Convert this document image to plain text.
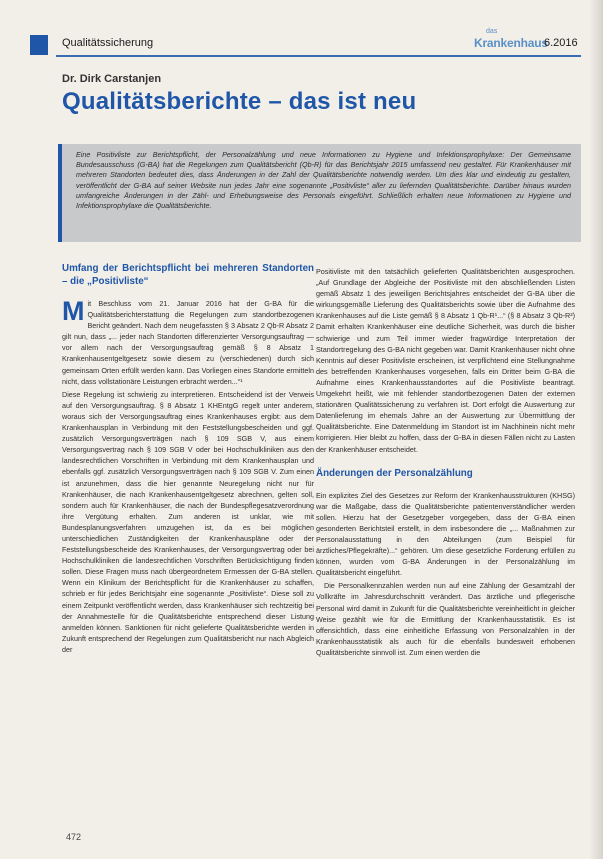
Qualitätssicherung
das
Krankenhaus
6.2016
Dr. Dirk Carstanjen
Qualitätsberichte – das ist neu
Eine Positivliste zur Berichtspflicht, der Personalzählung und neue Informationen zu Hygiene und Infektionsprophylaxe: Der Gemeinsame Bundesausschuss (G-BA) hat die Regelungen zum Qualitätsbericht (Qb-R) für das Berichtsjahr 2015 umfassend neu gestaltet. Für Krankenhäuser mit mehreren Standorten bedeutet dies, dass Änderungen in der Zahl der Qualitätsberichte notwendig werden. Um dies klar und eindeutig zu gestalten, veröffentlicht der G-BA auf seiner Website nun jedes Jahr eine sogenannte „Positivliste“ aller zu liefernden Qualitätsberichte. Darüber hinaus wurden umfangreiche Änderungen in der Zähl- und Erhebungsweise des Personals eingeführt. Schließlich erhalten neue Informationen zu Hygiene und Infektionsprophylaxe die Qualitätsberichte.
Umfang der Berichtspflicht bei mehreren Standorten – die „Positivliste“

Mit Beschluss vom 21. Januar 2016 hat der G-BA für die Qualitätsberichterstattung die Regelungen zum standortbezogenen Bericht geändert. Nach dem neugefassten § 3 Absatz 2 Qb-R Absatz 2 gilt nun, dass „... jeder nach Standorten differenzierter Versorgungsauftrag — vor allem nach der Versorgungsauftrag gemäß § 8 Absatz 1 Krankenhausentgeltgesetz sowie diesem zu (verschiedenen) durch sich gemeinsam Orten erfüllt werden kann. Das Vorliegen eines Standorte ermitteln nicht, dass vollstationäre Leistungen erbracht werden...“¹

Diese Regelung ist schwierig zu interpretieren. Entscheidend ist der Verweis auf den Versorgungsauftrag. § 8 Absatz 1 KHEntgG regelt unter anderem, woraus sich der Versorgungsauftrag eines Krankenhauses ergibt: aus dem Krankenhausplan in Verbindung mit den Feststellungsbescheiden und ggf. zusätzlich Versorgungsverträgen nach § 109 SGB V, aus einem Versorgungsvertrag nach § 109 SGB V oder bei Hochschulkliniken aus den landesrechtlichen Vorschriften in Verbindung mit dem Krankenhausplan und ebenfalls ggf. zusätzlich Versorgungsverträgen nach § 109 SGB V. Zum einen ist anzunehmen, dass die hier genannte Neuregelung nicht nur für Krankenhäuser, die nach Krankenhausentgeltgesetz abrechnen, gelten soll, sondern auch für Krankenhäuser, die nach der Bundespflegesatzverordnung ihre Vergütung erhalten. Zum anderen ist unklar, wie mit Bundesplanungsverfahren umzugehen ist, da es bei möglichen unterschiedlichen Zuständigkeiten der Krankenhauspläne oder der Feststellungsbescheide des Krankenhauses, der Versorgungsvertrag oder bei Hochschulkliniken die landesrechtlichen Vorschriften Berücksichtigung finden sollen. Diese Fragen muss nach übergeordnetem Ermessen der G-BA stellen. Wenn ein Klinikum der Berichtspflicht für die Krankenhäuser zu schaffen, schrieb er für jedes Berichtsjahr eine sogenannte „Positivliste“. Diese soll zu einem Zeitpunkt veröffentlicht werden, dass Krankenhäuser sich rechtzeitig bei der Annahmestelle für die Qualitätsberichte entsprechend dieser Listung anmelden können. Sanktionen für nicht gelieferte Qualitätsberichte werden in Zukunft entsprechend der Regelungen zum Qualitätsbericht nur nach Abgleich der

Positivliste mit den tatsächlich gelieferten Qualitätsberichten ausgesprochen. „Auf Grundlage der Abgleiche der Positivliste mit den abschließenden Listen gemäß Absatz 1 des jeweiligen Berichtsjahres entscheidet der G-BA über die wirkungsgemäße Lieferung des Qualitätsberichts sowie über die Aufnahme des Krankenhauses auf die Liste gemäß § 8 Absatz 1 Qb-R¹...“ (§ 8 Absatz 3 Qb-R²) Damit erhalten Krankenhäuser eine deutliche Sicherheit, was durch die bisher schwierige und zum Teil immer wieder fragwürdige Interpretation der Standortregelung des G-BA nicht gegeben war. Damit Krankenhäuser nicht ohne Kenntnis auf dieser Positivliste erscheinen, ist verpflichtend eine Stellungnahme des betreffenden Krankenhauses vorgesehen, falls ein Dritter beim G-BA die Aufnahme eines Krankenhausstandortes auf die Positivliste beantragt. Umgekehrt heißt, wie mit fehlender standortbezogenen Daten der externen stationären Qualitätssicherung zu verfahren ist. Dort erfolgt die Auswertung zur Datenlieferung im ehemals Jahre an der Auswertung zur Übermittlung der Qualitätsberichte. Eine Datenmeldung im Standort ist im Nachhinein nicht mehr korrigieren. Hier bleibt zu hoffen, dass der G-BA in diesen Fällen nicht zu Lasten der Krankenhäuser entscheidet.

Änderungen der Personalzählung

Ein explizites Ziel des Gesetzes zur Reform der Krankenhausstrukturen (KHSG) war die Maßgabe, dass die Qualitätsberichte patientenverständlicher werden sollen. Hierzu hat der Gesetzgeber vorgegeben, dass der G-BA einen gesonderten Berichtsteil erstellt, in dem insbesondere die „... Maßnahmen zur Personalausstattung in den Abteilungen (zum Beispiel für ärztliches/Pflegekräfte)...“ gehören. Um diese gesetzliche Forderung erfüllen zu können, wurden vom G-BA Änderungen in der Personalzählung im Qualitätsbericht eingeführt.

Die Personalkennzahlen werden nun auf eine Zählung der Gesamtzahl der Vollkräfte im Jahresdurchschnitt verändert. Das ärztliche und pflegerische Personal wird damit in Zukunft für die Qualitätsberichte vereinheitlicht in gleicher Weise gezählt wie für die Ermittlung der Krankenhausstatistik. Es ist offensichtlich, dass eine einheitliche Erfassung von Personalzahlen in der Krankenhausstatistik als auch für die ebenfalls bundesweit erhobenen Qualitätsberichte sinnvoll ist. Zum einen werden die

472
